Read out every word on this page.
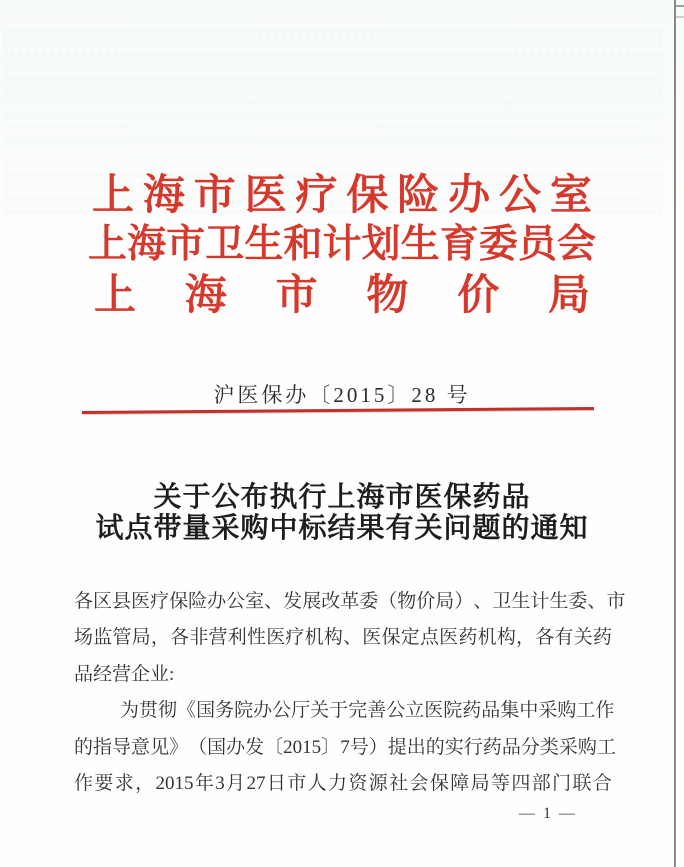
上 海 市 医 疗 保 险 办 公 室
上 海 市 卫 生 和 计 划 生 育 委 员 会
上 海 市 物 价 局
沪医保办〔2015〕28 号
关于公布执行上海市医保药品
试点带量采购中标结果有关问题的通知
各 区 县 医 疗 保 险 办 公 室 、 发 展 改 革 委 （ 物 价 局 ） 、 卫 生 计 生 委 、 市
场 监 管 局 ， 各 非 营 利 性 医 疗 机 构 、 医 保 定 点 医 药 机 构 ， 各 有 关 药
品经营企业:
为 贯 彻 《 国 务 院 办 公 厅 关 于 完 善 公 立 医 院 药 品 集 中 采 购 工 作
的 指 导 意 见 》 （ 国 办 发 〔 2015 〕 7 号 ） 提 出 的 实 行 药 品 分 类 采 购 工
作 要 求 ， 2015 年 3 月 27 日 市 人 力 资 源 社 会 保 障 局 等 四 部 门 联 合
— 1 —
